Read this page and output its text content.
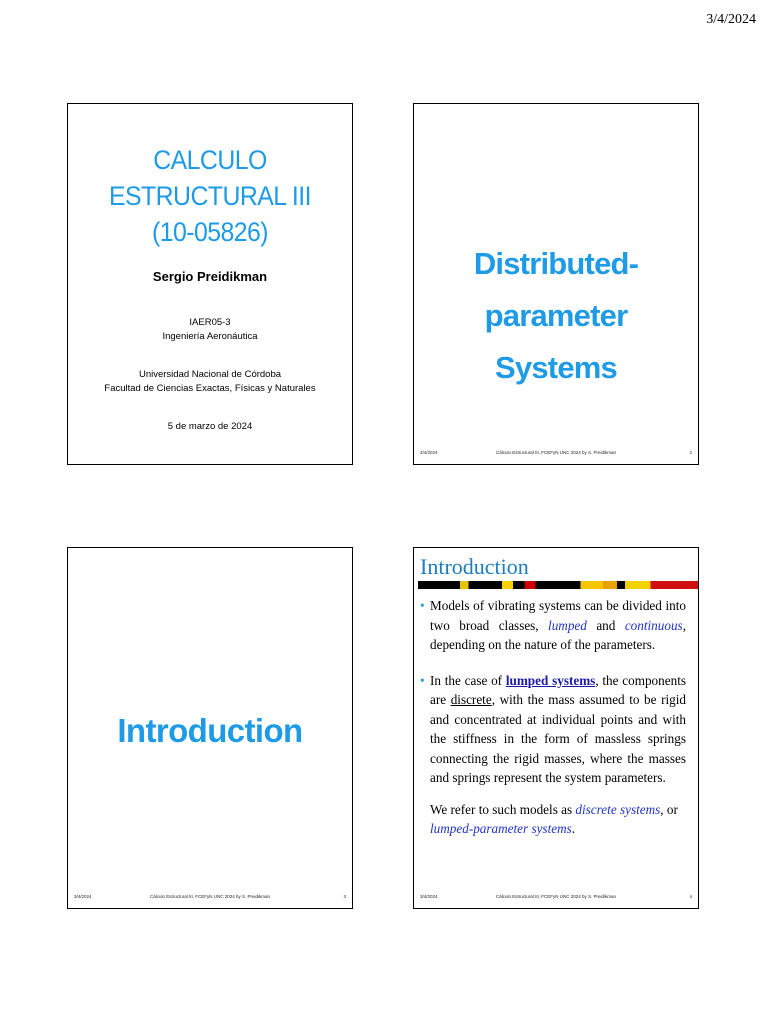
3/4/2024
CALCULO ESTRUCTURAL III
(10-05826)
Sergio Preidikman
IAER05-3
Ingeniería Aeronáutica
Universidad Nacional de Córdoba
Facultad de Ciencias Exactas, Físicas y Naturales
5 de marzo de 2024
Distributed-parameter
Systems
3/4/2024	Cálculo Estructural III, FCEFyN UNC 2024 by S. Preidikman	2
Introduction
3/4/2024	Cálculo Estructural III, FCEFyN UNC 2024 by S. Preidikman	3
Introduction
• Models of vibrating systems can be divided into two broad classes, lumped and continuous, depending on the nature of the parameters.
• In the case of lumped systems, the components are discrete, with the mass assumed to be rigid and concentrated at individual points and with the stiffness in the form of massless springs connecting the rigid masses, where the masses and springs represent the system parameters.
We refer to such models as discrete systems, or lumped-parameter systems.
3/4/2024	Cálculo Estructural III, FCEFyN UNC 2024 by S. Preidikman	4
